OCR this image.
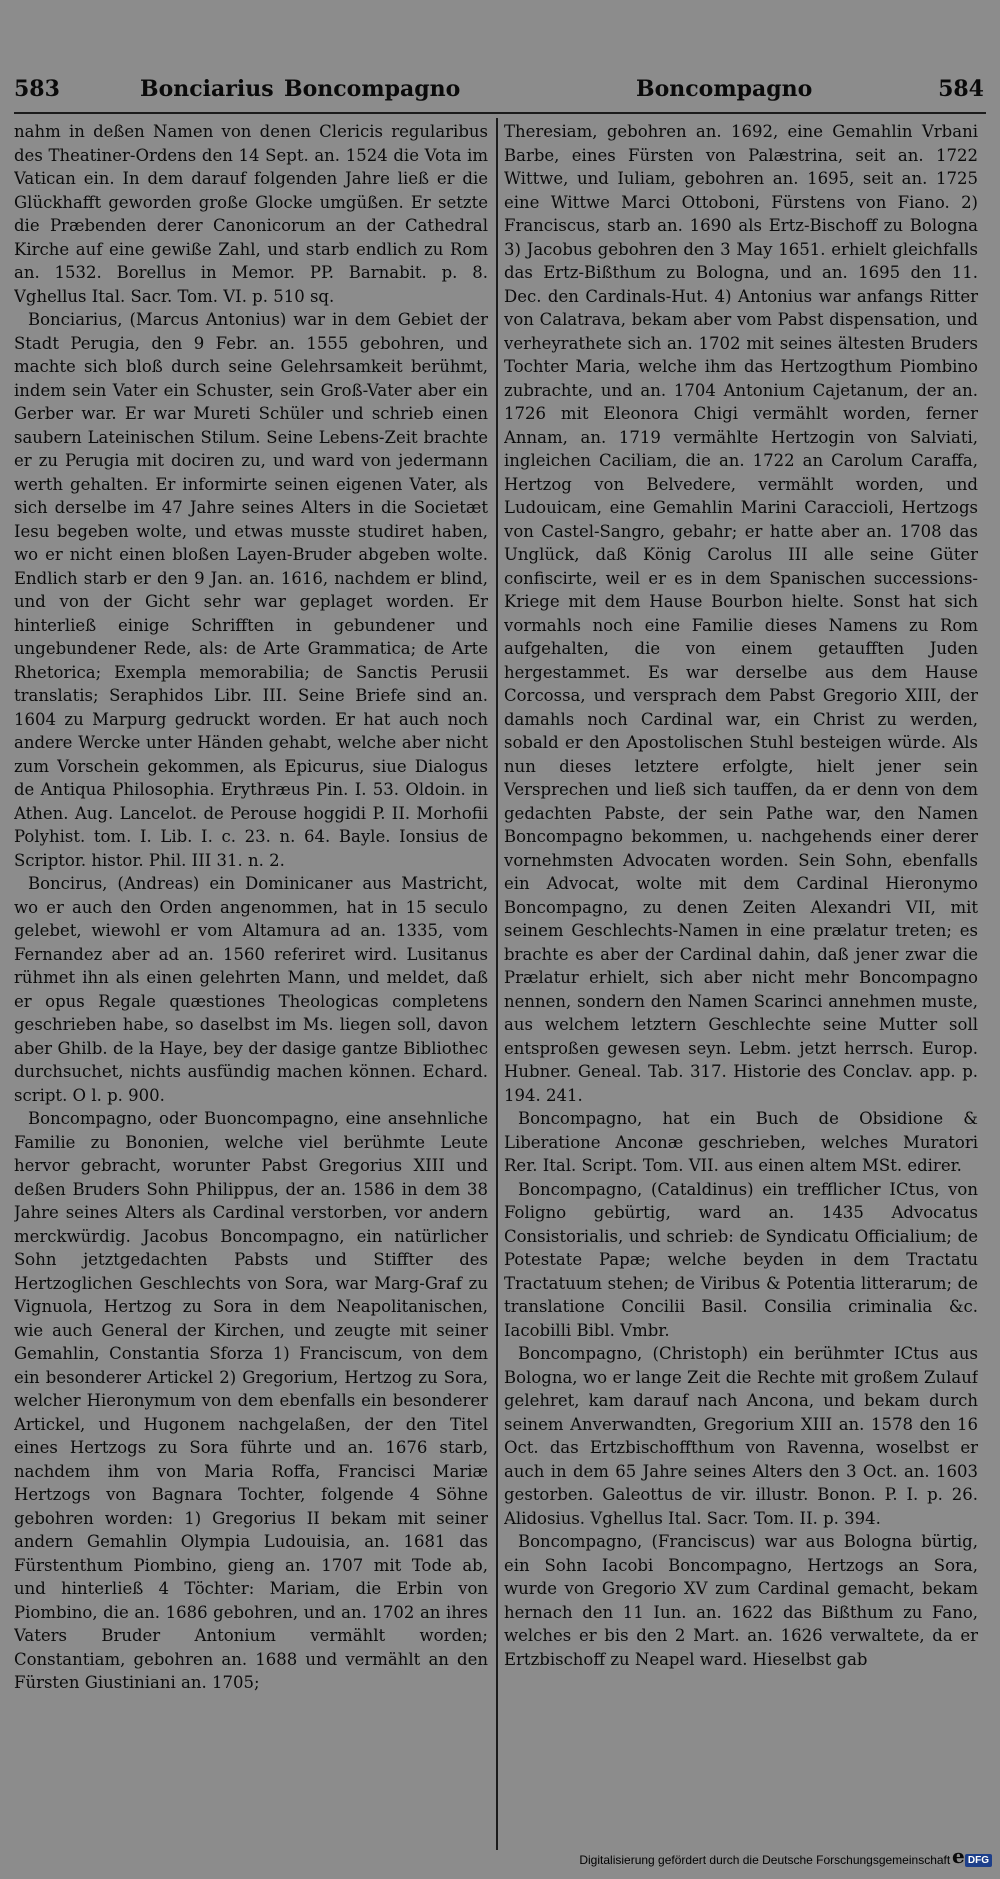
583	Bonciarius Boncompagno	Boncompagno	584

nahm in deßen Namen von denen Clericis regularibus des Theatiner-Ordens den 14 Sept. an. 1524 die Vota im Vatican ein. In dem darauf folgenden Jahre ließ er die Glückhafft geworden große Glocke umgüßen. Er setzte die Præbenden derer Canonicorum an der Cathedral Kirche auf eine gewiße Zahl, und starb endlich zu Rom an. 1532. Borellus in Memor. PP. Barnabit. p. 8. Vghellus Ital. Sacr. Tom. VI. p. 510 sq.

Bonciarius, (Marcus Antonius) war in dem Gebiet der Stadt Perugia, den 9 Febr. an. 1555 gebohren, und machte sich bloß durch seine Gelehrsamkeit berühmt, indem sein Vater ein Schuster, sein Groß-Vater aber ein Gerber war. Er war Mureti Schüler und schrieb einen saubern Lateinischen Stilum. Seine Lebens-Zeit brachte er zu Perugia mit dociren zu, und ward von jedermann werth gehalten. Er informirte seinen eigenen Vater, als sich derselbe im 47 Jahre seines Alters in die Societæt Iesu begeben wolte, und etwas musste studiret haben, wo er nicht einen bloßen Layen-Bruder abgeben wolte. Endlich starb er den 9 Jan. an. 1616, nachdem er blind, und von der Gicht sehr war geplaget worden. Er hinterließ einige Schrifften in gebundener und ungebundener Rede, als: de Arte Grammatica; de Arte Rhetorica; Exempla memorabilia; de Sanctis Perusii translatis; Seraphidos Libr. III. Seine Briefe sind an. 1604 zu Marpurg gedruckt worden. Er hat auch noch andere Wercke unter Händen gehabt, welche aber nicht zum Vorschein gekommen, als Epicurus, siue Dialogus de Antiqua Philosophia. Erythræus Pin. I. 53. Oldoin. in Athen. Aug. Lancelot. de Perouse hoggidi P. II. Morhofii Polyhist. tom. I. Lib. I. c. 23. n. 64. Bayle. Ionsius de Scriptor. histor. Phil. III 31. n. 2.

Boncirus, (Andreas) ein Dominicaner aus Mastricht, wo er auch den Orden angenommen, hat in 15 seculo gelebet, wiewohl er vom Altamura ad an. 1335, vom Fernandez aber ad an. 1560 referiret wird. Lusitanus rühmet ihn als einen gelehrten Mann, und meldet, daß er opus Regale quæstiones Theologicas completens geschrieben habe, so daselbst im Ms. liegen soll, davon aber Ghilb. de la Haye, bey der dasige gantze Bibliothec durchsuchet, nichts ausfündig machen können. Echard. script. O l. p. 900.

Boncompagno, oder Buoncompagno, eine ansehnliche Familie zu Bononien, welche viel berühmte Leute hervor gebracht, worunter Pabst Gregorius XIII und deßen Bruders Sohn Philippus, der an. 1586 in dem 38 Jahre seines Alters als Cardinal verstorben, vor andern merckwürdig. Jacobus Boncompagno, ein natürlicher Sohn jetztgedachten Pabsts und Stiffter des Hertzoglichen Geschlechts von Sora, war Marg-Graf zu Vignuola, Hertzog zu Sora in dem Neapolitanischen, wie auch General der Kirchen, und zeugte mit seiner Gemahlin, Constantia Sforza 1) Franciscum, von dem ein besonderer Artickel 2) Gregorium, Hertzog zu Sora, welcher Hieronymum von dem ebenfalls ein besonderer Artickel, und Hugonem nachgelaßen, der den Titel eines Hertzogs zu Sora führte und an. 1676 starb, nachdem ihm von Maria Roffa, Francisci Mariæ Hertzogs von Bagnara Tochter, folgende 4 Söhne gebohren worden: 1) Gregorius II bekam mit seiner andern Gemahlin Olympia Ludouisia, an. 1681 das Fürstenthum Piombino, gieng an. 1707 mit Tode ab, und hinterließ 4 Töchter: Mariam, die Erbin von Piombino, die an. 1686 gebohren, und an. 1702 an ihres Vaters Bruder Antonium vermählt worden; Constantiam, gebohren an. 1688 und vermählt an den Fürsten Giustiniani an. 1705;

Theresiam, gebohren an. 1692, eine Gemahlin Vrbani Barbe, eines Fürsten von Palæstrina, seit an. 1722 Wittwe, und Iuliam, gebohren an. 1695, seit an. 1725 eine Wittwe Marci Ottoboni, Fürstens von Fiano. 2) Franciscus, starb an. 1690 als Ertz-Bischoff zu Bologna 3) Jacobus gebohren den 3 May 1651. erhielt gleichfalls das Ertz-Bißthum zu Bologna, und an. 1695 den 11. Dec. den Cardinals-Hut. 4) Antonius war anfangs Ritter von Calatrava, bekam aber vom Pabst dispensation, und verheyrathete sich an. 1702 mit seines ältesten Bruders Tochter Maria, welche ihm das Hertzogthum Piombino zubrachte, und an. 1704 Antonium Cajetanum, der an. 1726 mit Eleonora Chigi vermählt worden, ferner Annam, an. 1719 vermählte Hertzogin von Salviati, ingleichen Caciliam, die an. 1722 an Carolum Caraffa, Hertzog von Belvedere, vermählt worden, und Ludouicam, eine Gemahlin Marini Caraccioli, Hertzogs von Castel-Sangro, gebahr; er hatte aber an. 1708 das Unglück, daß König Carolus III alle seine Güter confiscirte, weil er es in dem Spanischen successions-Kriege mit dem Hause Bourbon hielte. Sonst hat sich vormahls noch eine Familie dieses Namens zu Rom aufgehalten, die von einem getaufften Juden hergestammet. Es war derselbe aus dem Hause Corcossa, und versprach dem Pabst Gregorio XIII, der damahls noch Cardinal war, ein Christ zu werden, sobald er den Apostolischen Stuhl besteigen würde. Als nun dieses letztere erfolgte, hielt jener sein Versprechen und ließ sich tauffen, da er denn von dem gedachten Pabste, der sein Pathe war, den Namen Boncompagno bekommen, u. nachgehends einer derer vornehmsten Advocaten worden. Sein Sohn, ebenfalls ein Advocat, wolte mit dem Cardinal Hieronymo Boncompagno, zu denen Zeiten Alexandri VII, mit seinem Geschlechts-Namen in eine prælatur treten; es brachte es aber der Cardinal dahin, daß jener zwar die Prælatur erhielt, sich aber nicht mehr Boncompagno nennen, sondern den Namen Scarinci annehmen muste, aus welchem letztern Geschlechte seine Mutter soll entsproßen gewesen seyn. Lebm. jetzt herrsch. Europ. Hubner. Geneal. Tab. 317. Historie des Conclav. app. p. 194. 241.

Boncompagno, hat ein Buch de Obsidione & Liberatione Anconæ geschrieben, welches Muratori Rer. Ital. Script. Tom. VII. aus einen altem MSt. edirer.

Boncompagno, (Cataldinus) ein trefflicher ICtus, von Foligno gebürtig, ward an. 1435 Advocatus Consistorialis, und schrieb: de Syndicatu Officialium; de Potestate Papæ; welche beyden in dem Tractatu Tractatuum stehen; de Viribus & Potentia litterarum; de translatione Concilii Basil. Consilia criminalia &c. Iacobilli Bibl. Vmbr.

Boncompagno, (Christoph) ein berühmter ICtus aus Bologna, wo er lange Zeit die Rechte mit großem Zulauf gelehret, kam darauf nach Ancona, und bekam durch seinem Anverwandten, Gregorium XIII an. 1578 den 16 Oct. das Ertzbischoffthum von Ravenna, woselbst er auch in dem 65 Jahre seines Alters den 3 Oct. an. 1603 gestorben. Galeottus de vir. illustr. Bonon. P. I. p. 26. Alidosius. Vghellus Ital. Sacr. Tom. II. p. 394.

Boncompagno, (Franciscus) war aus Bologna bürtig, ein Sohn Iacobi Boncompagno, Hertzogs an Sora, wurde von Gregorio XV zum Cardinal gemacht, bekam hernach den 11 Iun. an. 1622 das Bißthum zu Fano, welches er bis den 2 Mart. an. 1626 verwaltete, da er Ertzbischoff zu Neapel ward. Hieselbst gab

e
Digitalisierung gefördert durch die Deutsche Forschungsgemeinschaft - DFG
